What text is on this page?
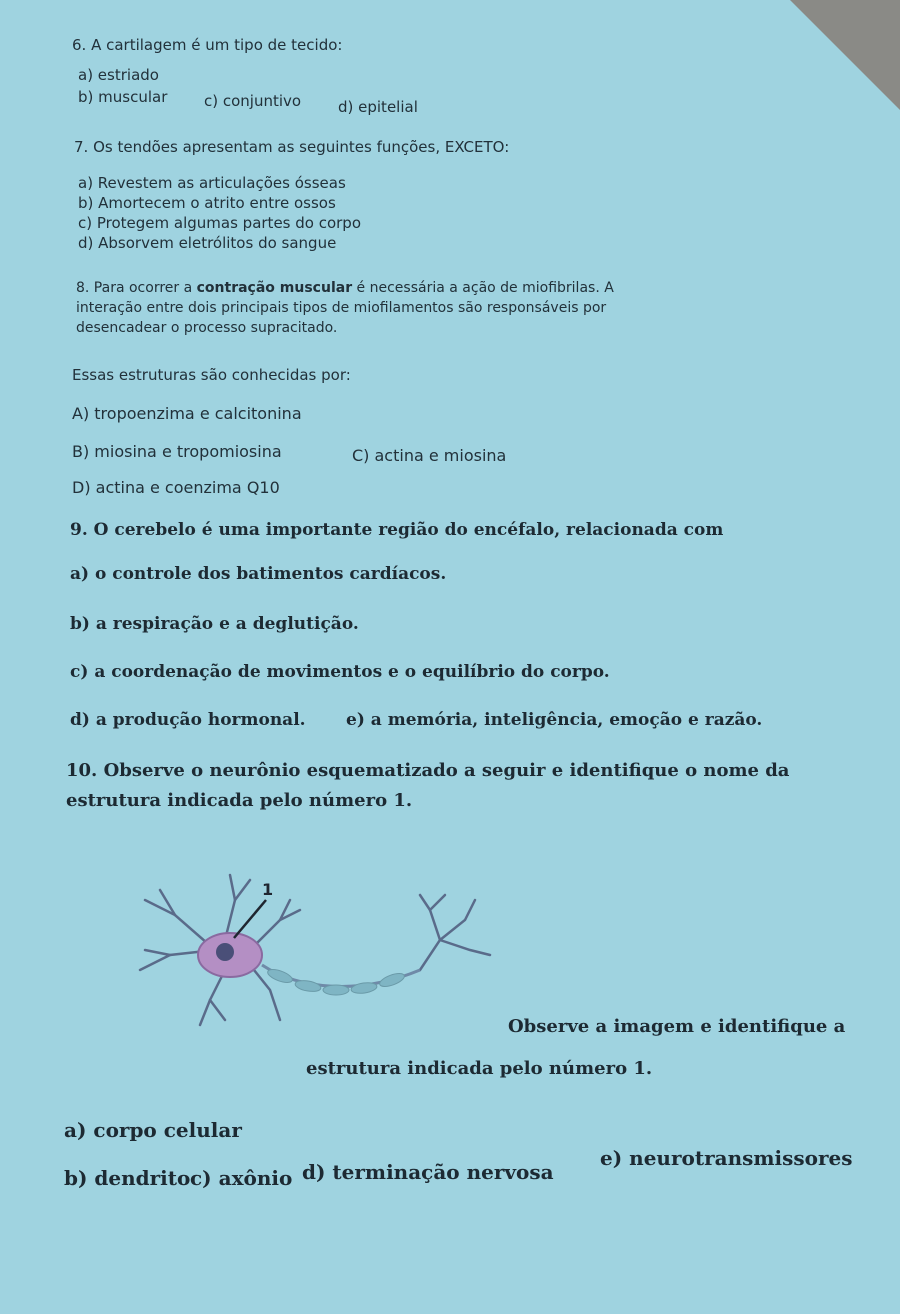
6. A cartilagem é um tipo de tecido:
a) estriado
b) muscular c) conjuntivo d) epitelial
7. Os tendões apresentam as seguintes funções, EXCETO:
a) Revestem as articulações ósseas
b) Amortecem o atrito entre ossos
c) Protegem algumas partes do corpo
d) Absorvem eletrólitos do sangue
8. Para ocorrer a contração muscular é necessária a ação de miofibrilas. A
interação entre dois principais tipos de miofilamentos são responsáveis por
desencadear o processo supracitado.
Essas estruturas são conhecidas por:
A) tropoenzima e calcitonina
B) miosina e tropomiosina	C) actina e miosina
D) actina e coenzima Q10
9. O cerebelo é uma importante região do encéfalo, relacionada com
a) o controle dos batimentos cardíacos.
b) a respiração e a deglutição.
c) a coordenação de movimentos e o equilíbrio do corpo.
d) a produção hormonal. e) a memória, inteligência, emoção e razão.
10. Observe o neurônio esquematizado a seguir e identifique o nome da
estrutura indicada pelo número 1.
1
Observe a imagem e identifique a
estrutura indicada pelo número 1.
a) corpo celular
b) dendrito c) axônio d) terminação nervosa
e) neurotransmissores
